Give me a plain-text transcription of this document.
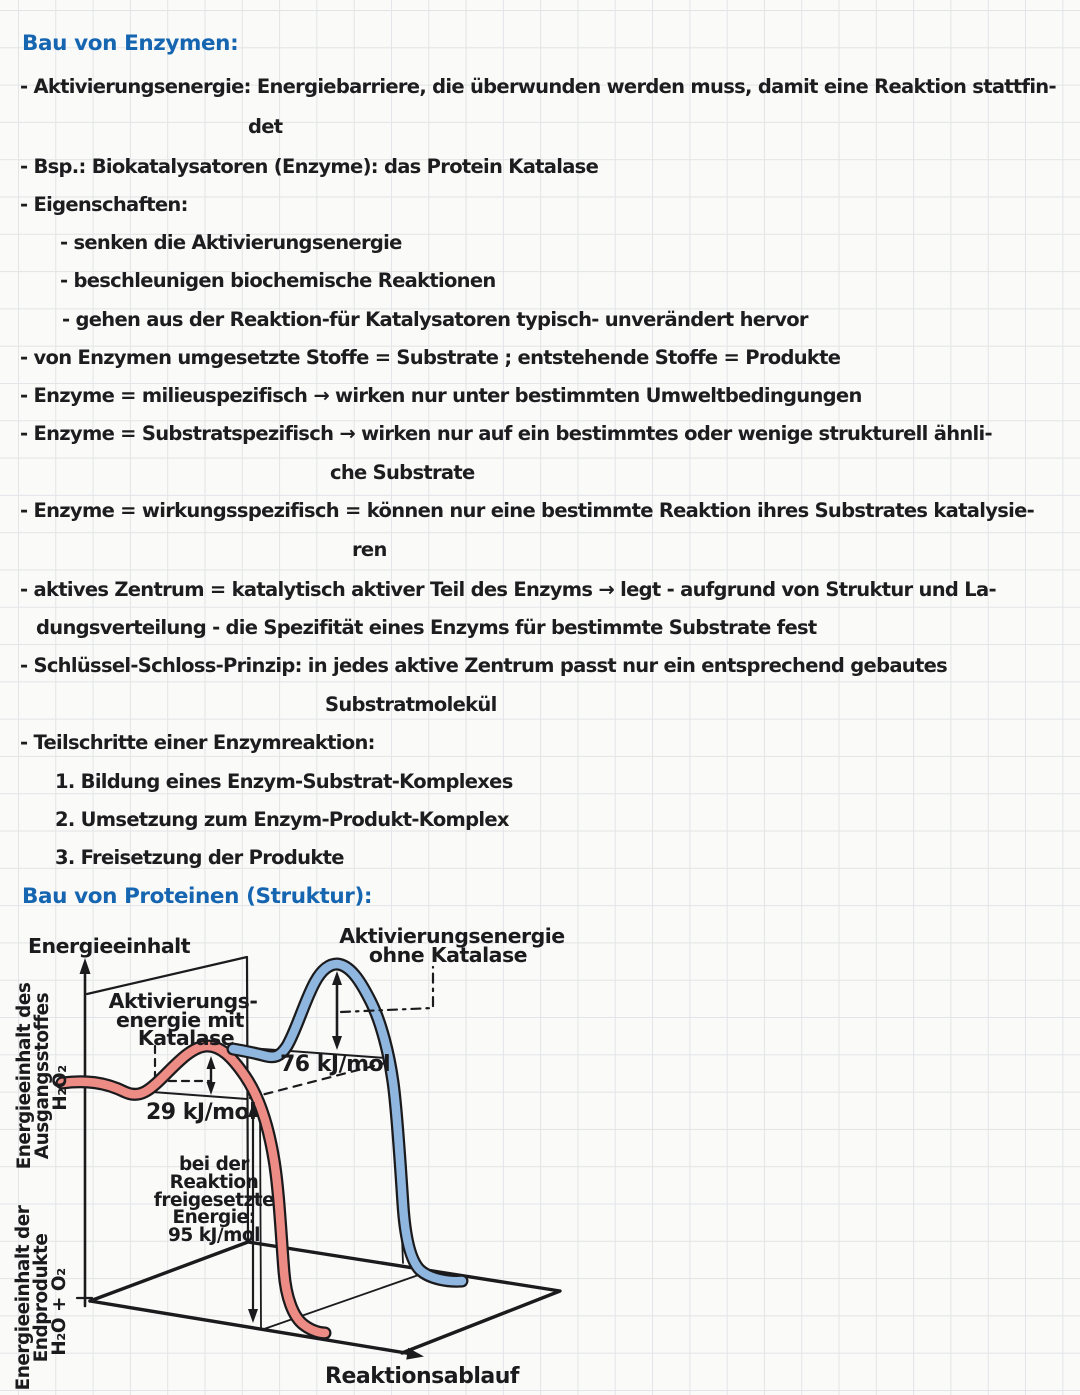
Bau von Enzymen:
- Aktivierungsenergie: Energiebarriere, die überwunden werden muss, damit eine Reaktion stattfin-
det
- Bsp.: Biokatalysatoren (Enzyme): das Protein Katalase
- Eigenschaften:
- senken die Aktivierungsenergie
- beschleunigen biochemische Reaktionen
- gehen aus der Reaktion-für Katalysatoren typisch- unverändert hervor
- von Enzymen umgesetzte Stoffe = Substrate ; entstehende Stoffe = Produkte
- Enzyme = milieuspezifisch → wirken nur unter bestimmten Umweltbedingungen
- Enzyme = Substratspezifisch → wirken nur auf ein bestimmtes oder wenige strukturell ähnli-
che Substrate
- Enzyme = wirkungsspezifisch = können nur eine bestimmte Reaktion ihres Substrates katalysie-
ren
- aktives Zentrum = katalytisch aktiver Teil des Enzyms → legt - aufgrund von Struktur und La-
dungsverteilung - die Spezifität eines Enzyms für bestimmte Substrate fest
- Schlüssel-Schloss-Prinzip: in jedes aktive Zentrum passt nur ein entsprechend gebautes
Substratmolekül
- Teilschritte einer Enzymreaktion:
1. Bildung eines Enzym-Substrat-Komplexes
2. Umsetzung zum Enzym-Produkt-Komplex
3. Freisetzung der Produkte
Bau von Proteinen (Struktur):
Energieeinhalt
Aktivierungs-
energie mit
Katalase
Aktivierungsenergie
ohne Katalase
76 kJ/mol
29 kJ/mol
bei der
Reaktion
freigesetzte
Energie:
95 kJ/mol
Reaktionsablauf
Energieeinhalt des
Ausgangsstoffes
H₂O₂
Energieeinhalt der
Endprodukte
H₂O + O₂
